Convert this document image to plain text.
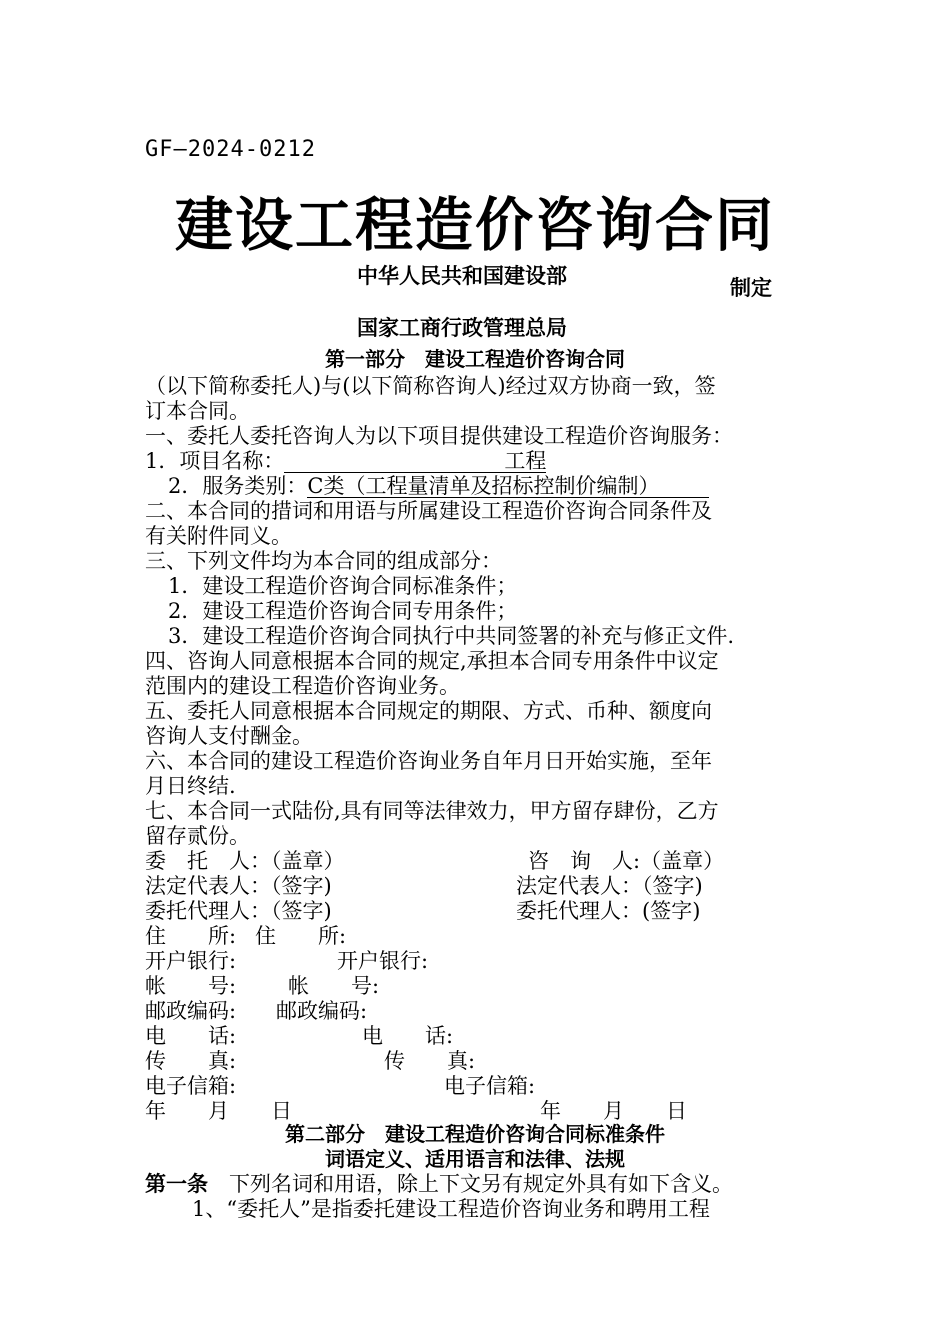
GF—2024-0212
建设工程造价咨询合同
中华人民共和国建设部	制定
国家工商行政管理总局
第一部分　建设工程造价咨询合同
（以下简称委托人)与(以下简称咨询人)经过双方协商一致，签
订本合同。
一、委托人委托咨询人为以下项目提供建设工程造价咨询服务：
1．项目名称：	工程
2．服务类别：C类（工程量清单及招标控制价编制）
二、本合同的措词和用语与所属建设工程造价咨询合同条件及
有关附件同义。
三、下列文件均为本合同的组成部分：
1．建设工程造价咨询合同标准条件；
2．建设工程造价咨询合同专用条件；
3．建设工程造价咨询合同执行中共同签署的补充与修正文件.
四、咨询人同意根据本合同的规定,承担本合同专用条件中议定
范围内的建设工程造价咨询业务。
五、委托人同意根据本合同规定的期限、方式、币种、额度向
咨询人支付酬金。
六、本合同的建设工程造价咨询业务自年月日开始实施，至年
月日终结.
七、本合同一式陆份,具有同等法律效力，甲方留存肆份，乙方
留存贰份。
委　托　人：（盖章）	咨　询　人:（盖章）
法定代表人：（签字)	法定代表人：（签字)
委托代理人：（签字)	委托代理人：(签字)
住　　所: 住　　所:
开户银行:	开户银行:
帐　　号: 帐　　号:
邮政编码: 邮政编码:
电　　话:	电　　话:
传　　真:	传　　真:
电子信箱:	电子信箱:
年　　月　　日	年　　月　　日
第二部分　建设工程造价咨询合同标准条件
词语定义、适用语言和法律、法规
第一条　 下列名词和用语，除上下文另有规定外具有如下含义。
1、“委托人”是指委托建设工程造价咨询业务和聘用工程
